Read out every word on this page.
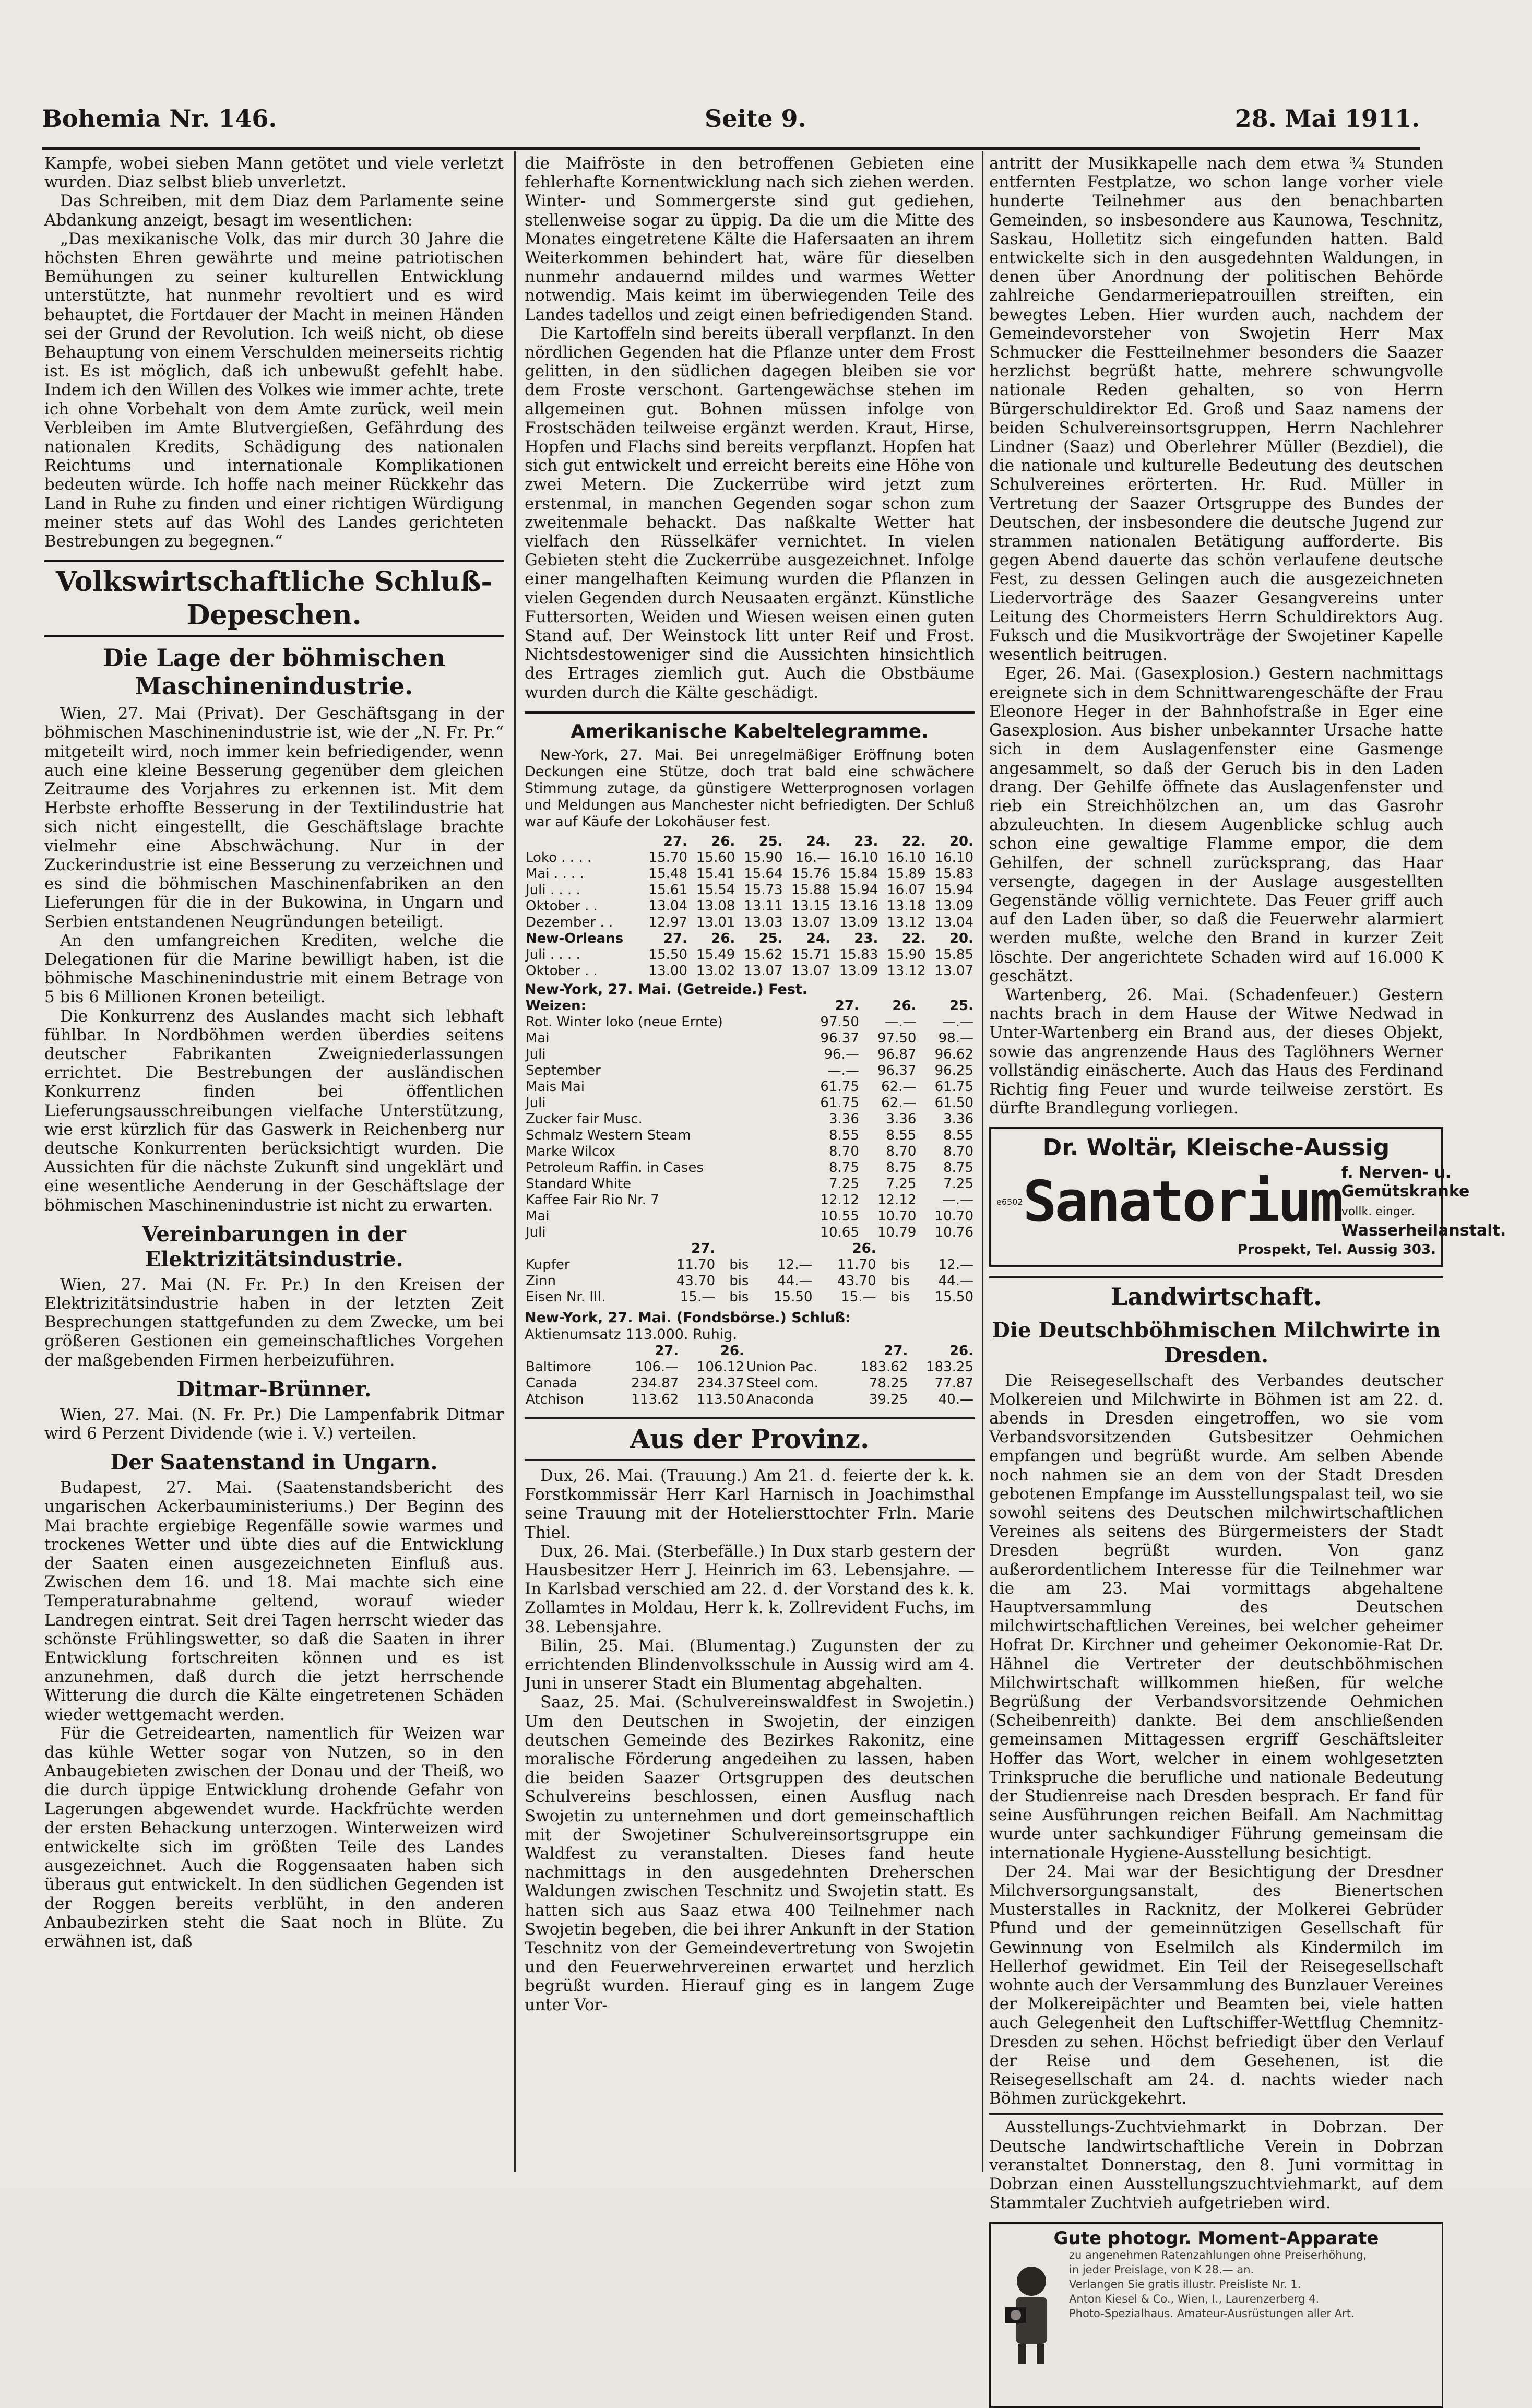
Bohemia Nr. 146.	Seite 9.	28. Mai 1911.

Kampfe, wobei sieben Mann getötet und viele verletzt wurden. Diaz selbst blieb unverletzt.

Das Schreiben, mit dem Diaz dem Parlamente seine Abdankung anzeigt, besagt im wesentlichen:

„Das mexikanische Volk, das mir durch 30 Jahre die höchsten Ehren gewährte und meine patriotischen Bemühungen zu seiner kulturellen Entwicklung unterstützte, hat nunmehr revoltiert und es wird behauptet, die Fortdauer der Macht in meinen Händen sei der Grund der Revolution. Ich weiß nicht, ob diese Behauptung von einem Verschulden meinerseits richtig ist. Es ist möglich, daß ich unbewußt gefehlt habe. Indem ich den Willen des Volkes wie immer achte, trete ich ohne Vorbehalt von dem Amte zurück, weil mein Verbleiben im Amte Blutvergießen, Gefährdung des nationalen Kredits, Schädigung des nationalen Reichtums und internationale Komplikationen bedeuten würde. Ich hoffe nach meiner Rückkehr das Land in Ruhe zu finden und einer richtigen Würdigung meiner stets auf das Wohl des Landes gerichteten Bestrebungen zu begegnen.“

Volkswirtschaftliche Schluß-Depeschen.
Die Lage der böhmischen Maschinenindustrie.

Wien, 27. Mai (Privat). Der Geschäftsgang in der böhmischen Maschinenindustrie ist, wie der „N. Fr. Pr.“ mitgeteilt wird, noch immer kein befriedigender, wenn auch eine kleine Besserung gegenüber dem gleichen Zeitraume des Vorjahres zu erkennen ist. Mit dem Herbste erhoffte Besserung in der Textilindustrie hat sich nicht eingestellt, die Geschäftslage brachte vielmehr eine Abschwächung. Nur in der Zuckerindustrie ist eine Besserung zu verzeichnen und es sind die böhmischen Maschinenfabriken an den Lieferungen für die in der Bukowina, in Ungarn und Serbien entstandenen Neugründungen beteiligt.

An den umfangreichen Krediten, welche die Delegationen für die Marine bewilligt haben, ist die böhmische Maschinenindustrie mit einem Betrage von 5 bis 6 Millionen Kronen beteiligt.

Die Konkurrenz des Auslandes macht sich lebhaft fühlbar. In Nordböhmen werden überdies seitens deutscher Fabrikanten Zweigniederlassungen errichtet. Die Bestrebungen der ausländischen Konkurrenz finden bei öffentlichen Lieferungsausschreibungen vielfache Unterstützung, wie erst kürzlich für das Gaswerk in Reichenberg nur deutsche Konkurrenten berücksichtigt wurden. Die Aussichten für die nächste Zukunft sind ungeklärt und eine wesentliche Aenderung in der Geschäftslage der böhmischen Maschinenindustrie ist nicht zu erwarten.

Vereinbarungen in der Elektrizitätsindustrie.

Wien, 27. Mai (N. Fr. Pr.) In den Kreisen der Elektrizitätsindustrie haben in der letzten Zeit Besprechungen stattgefunden zu dem Zwecke, um bei größeren Gestionen ein gemeinschaftliches Vorgehen der maßgebenden Firmen herbeizuführen.

Ditmar-Brünner.

Wien, 27. Mai. (N. Fr. Pr.) Die Lampenfabrik Ditmar wird 6 Perzent Dividende (wie i. V.) verteilen.

Der Saatenstand in Ungarn.

Budapest, 27. Mai. (Saatenstandsbericht des ungarischen Ackerbauministeriums.) Der Beginn des Mai brachte ergiebige Regenfälle sowie warmes und trockenes Wetter und übte dies auf die Entwicklung der Saaten einen ausgezeichneten Einfluß aus. Zwischen dem 16. und 18. Mai machte sich eine Temperaturabnahme geltend, worauf wieder Landregen eintrat. Seit drei Tagen herrscht wieder das schönste Frühlingswetter, so daß die Saaten in ihrer Entwicklung fortschreiten können und es ist anzunehmen, daß durch die jetzt herrschende Witterung die durch die Kälte eingetretenen Schäden wieder wettgemacht werden.

Für die Getreidearten, namentlich für Weizen war das kühle Wetter sogar von Nutzen, so in den Anbaugebieten zwischen der Donau und der Theiß, wo die durch üppige Entwicklung drohende Gefahr von Lagerungen abgewendet wurde. Hackfrüchte werden der ersten Behackung unterzogen. Winterweizen wird entwickelte sich im größten Teile des Landes ausgezeichnet. Auch die Roggensaaten haben sich überaus gut entwickelt. In den südlichen Gegenden ist der Roggen bereits verblüht, in den anderen Anbaubezirken steht die Saat noch in Blüte. Zu erwähnen ist, daß

die Maifröste in den betroffenen Gebieten eine fehlerhafte Kornentwicklung nach sich ziehen werden. Winter- und Sommergerste sind gut gediehen, stellenweise sogar zu üppig. Da die um die Mitte des Monates eingetretene Kälte die Hafersaaten an ihrem Weiterkommen behindert hat, wäre für dieselben nunmehr andauernd mildes und warmes Wetter notwendig. Mais keimt im überwiegenden Teile des Landes tadellos und zeigt einen befriedigenden Stand.

Die Kartoffeln sind bereits überall verpflanzt. In den nördlichen Gegenden hat die Pflanze unter dem Frost gelitten, in den südlichen dagegen bleiben sie vor dem Froste verschont. Gartengewächse stehen im allgemeinen gut. Bohnen müssen infolge von Frostschäden teilweise ergänzt werden. Kraut, Hirse, Hopfen und Flachs sind bereits verpflanzt. Hopfen hat sich gut entwickelt und erreicht bereits eine Höhe von zwei Metern. Die Zuckerrübe wird jetzt zum erstenmal, in manchen Gegenden sogar schon zum zweitenmale behackt. Das naßkalte Wetter hat vielfach den Rüsselkäfer vernichtet. In vielen Gebieten steht die Zuckerrübe ausgezeichnet. Infolge einer mangelhaften Keimung wurden die Pflanzen in vielen Gegenden durch Neusaaten ergänzt. Künstliche Futtersorten, Weiden und Wiesen weisen einen guten Stand auf. Der Weinstock litt unter Reif und Frost. Nichtsdestoweniger sind die Aussichten hinsichtlich des Ertrages ziemlich gut. Auch die Obstbäume wurden durch die Kälte geschädigt.

Amerikanische Kabeltelegramme.

New-York, 27. Mai. Bei unregelmäßiger Eröffnung boten Deckungen eine Stütze, doch trat bald eine schwächere Stimmung zutage, da günstigere Wetterprognosen vorlagen und Meldungen aus Manchester nicht befriedigten. Der Schluß war auf Käufe der Lokohäuser fest.

	27.	26.	25.	24.	23.	22.	20.
Loko . . . .	15.70	15.60	15.90	16.—	16.10	16.10	16.10
Mai . . . .	15.48	15.41	15.64	15.76	15.84	15.89	15.83
Juli . . . .	15.61	15.54	15.73	15.88	15.94	16.07	15.94
Oktober . .	13.04	13.08	13.11	13.15	13.16	13.18	13.09
Dezember . .	12.97	13.01	13.03	13.07	13.09	13.12	13.04
New-Orleans	27.	26.	25.	24.	23.	22.	20.
Juli . . . .	15.50	15.49	15.62	15.71	15.83	15.90	15.85
Oktober . .	13.00	13.02	13.07	13.07	13.09	13.12	13.07
New-York, 27. Mai. (Getreide.) Fest.
Weizen:	27.	26.	25.
Rot. Winter loko (neue Ernte)	97.50	—.—	—.—
Mai	96.37	97.50	98.—
Juli	96.—	96.87	96.62
September	—.—	96.37	96.25
Mais Mai	61.75	62.—	61.75
Juli	61.75	62.—	61.50
Zucker fair Musc.	3.36	3.36	3.36
Schmalz Western Steam	8.55	8.55	8.55
Marke Wilcox	8.70	8.70	8.70
Petroleum Raffin. in Cases	8.75	8.75	8.75
Standard White	7.25	7.25	7.25
Kaffee Fair Rio Nr. 7	12.12	12.12	—.—
Mai	10.55	10.70	10.70
Juli	10.65	10.79	10.76
	27.			26.		
Kupfer	11.70	bis	12.—	11.70	bis	12.—
Zinn	43.70	bis	44.—	43.70	bis	44.—
Eisen Nr. III.	15.—	bis	15.50	15.—	bis	15.50
New-York, 27. Mai. (Fondsbörse.) Schluß:
Aktienumsatz 113.000. Ruhig.
	27.	26.		27.	26.
Baltimore	106.—	106.12	Union Pac.	183.62	183.25
Canada	234.87	234.37	Steel com.	78.25	77.87
Atchison	113.62	113.50	Anaconda	39.25	40.—
Aus der Provinz.

Dux, 26. Mai. (Trauung.) Am 21. d. feierte der k. k. Forstkommissär Herr Karl Harnisch in Joachimsthal seine Trauung mit der Hoteliersttochter Frln. Marie Thiel.

Dux, 26. Mai. (Sterbefälle.) In Dux starb gestern der Hausbesitzer Herr J. Heinrich im 63. Lebensjahre. — In Karlsbad verschied am 22. d. der Vorstand des k. k. Zollamtes in Moldau, Herr k. k. Zollrevident Fuchs, im 38. Lebensjahre.

Bilin, 25. Mai. (Blumentag.) Zugunsten der zu errichtenden Blindenvolksschule in Aussig wird am 4. Juni in unserer Stadt ein Blumentag abgehalten.

Saaz, 25. Mai. (Schulvereinswaldfest in Swojetin.) Um den Deutschen in Swojetin, der einzigen deutschen Gemeinde des Bezirkes Rakonitz, eine moralische Förderung angedeihen zu lassen, haben die beiden Saazer Ortsgruppen des deutschen Schulvereins beschlossen, einen Ausflug nach Swojetin zu unternehmen und dort gemeinschaftlich mit der Swojetiner Schulvereinsortsgruppe ein Waldfest zu veranstalten. Dieses fand heute nachmittags in den ausgedehnten Dreherschen Waldungen zwischen Teschnitz und Swojetin statt. Es hatten sich aus Saaz etwa 400 Teilnehmer nach Swojetin begeben, die bei ihrer Ankunft in der Station Teschnitz von der Gemeindevertretung von Swojetin und den Feuerwehrvereinen erwartet und herzlich begrüßt wurden. Hierauf ging es in langem Zuge unter Vor-

antritt der Musikkapelle nach dem etwa ¾ Stunden entfernten Festplatze, wo schon lange vorher viele hunderte Teilnehmer aus den benachbarten Gemeinden, so insbesondere aus Kaunowa, Teschnitz, Saskau, Holletitz sich eingefunden hatten. Bald entwickelte sich in den ausgedehnten Waldungen, in denen über Anordnung der politischen Behörde zahlreiche Gendarmeriepatrouillen streiften, ein bewegtes Leben. Hier wurden auch, nachdem der Gemeindevorsteher von Swojetin Herr Max Schmucker die Festteilnehmer besonders die Saazer herzlichst begrüßt hatte, mehrere schwungvolle nationale Reden gehalten, so von Herrn Bürgerschuldirektor Ed. Groß und Saaz namens der beiden Schulvereinsortsgruppen, Herrn Nachlehrer Lindner (Saaz) und Oberlehrer Müller (Bezdiel), die die nationale und kulturelle Bedeutung des deutschen Schulvereines erörterten. Hr. Rud. Müller in Vertretung der Saazer Ortsgruppe des Bundes der Deutschen, der insbesondere die deutsche Jugend zur strammen nationalen Betätigung aufforderte. Bis gegen Abend dauerte das schön verlaufene deutsche Fest, zu dessen Gelingen auch die ausgezeichneten Liedervorträge des Saazer Gesangvereins unter Leitung des Chormeisters Herrn Schuldirektors Aug. Fuksch und die Musikvorträge der Swojetiner Kapelle wesentlich beitrugen.

Eger, 26. Mai. (Gasexplosion.) Gestern nachmittags ereignete sich in dem Schnittwarengeschäfte der Frau Eleonore Heger in der Bahnhofstraße in Eger eine Gasexplosion. Aus bisher unbekannter Ursache hatte sich in dem Auslagenfenster eine Gasmenge angesammelt, so daß der Geruch bis in den Laden drang. Der Gehilfe öffnete das Auslagenfenster und rieb ein Streichhölzchen an, um das Gasrohr abzuleuchten. In diesem Augenblicke schlug auch schon eine gewaltige Flamme empor, die dem Gehilfen, der schnell zurücksprang, das Haar versengte, dagegen in der Auslage ausgestellten Gegenstände völlig vernichtete. Das Feuer griff auch auf den Laden über, so daß die Feuerwehr alarmiert werden mußte, welche den Brand in kurzer Zeit löschte. Der angerichtete Schaden wird auf 16.000 K geschätzt.

Wartenberg, 26. Mai. (Schadenfeuer.) Gestern nachts brach in dem Hause der Witwe Nedwad in Unter-Wartenberg ein Brand aus, der dieses Objekt, sowie das angrenzende Haus des Taglöhners Werner vollständig einäscherte. Auch das Haus des Ferdinand Richtig fing Feuer und wurde teilweise zerstört. Es dürfte Brandlegung vorliegen.

Dr. Woltär, Kleische-Aussig
e6502 Sanatorium f. Nerven- u. Gemütskranke
vollk. einger. Wasserheilanstalt.
Prospekt, Tel. Aussig 303.
Landwirtschaft.
Die Deutschböhmischen Milchwirte in Dresden.

Die Reisegesellschaft des Verbandes deutscher Molkereien und Milchwirte in Böhmen ist am 22. d. abends in Dresden eingetroffen, wo sie vom Verbandsvorsitzenden Gutsbesitzer Oehmichen empfangen und begrüßt wurde. Am selben Abende noch nahmen sie an dem von der Stadt Dresden gebotenen Empfange im Ausstellungspalast teil, wo sie sowohl seitens des Deutschen milchwirtschaftlichen Vereines als seitens des Bürgermeisters der Stadt Dresden begrüßt wurden. Von ganz außerordentlichem Interesse für die Teilnehmer war die am 23. Mai vormittags abgehaltene Hauptversammlung des Deutschen milchwirtschaftlichen Vereines, bei welcher geheimer Hofrat Dr. Kirchner und geheimer Oekonomie-Rat Dr. Hähnel die Vertreter der deutschböhmischen Milchwirtschaft willkommen hießen, für welche Begrüßung der Verbandsvorsitzende Oehmichen (Scheibenreith) dankte. Bei dem anschließenden gemeinsamen Mittagessen ergriff Geschäftsleiter Hoffer das Wort, welcher in einem wohlgesetzten Trinkspruche die berufliche und nationale Bedeutung der Studienreise nach Dresden besprach. Er fand für seine Ausführungen reichen Beifall. Am Nachmittag wurde unter sachkundiger Führung gemeinsam die internationale Hygiene-Ausstellung besichtigt.

Der 24. Mai war der Besichtigung der Dresdner Milchversorgungsanstalt, des Bienertschen Musterstalles in Racknitz, der Molkerei Gebrüder Pfund und der gemeinnützigen Gesellschaft für Gewinnung von Eselmilch als Kindermilch im Hellerhof gewidmet. Ein Teil der Reisegesellschaft wohnte auch der Versammlung des Bunzlauer Vereines der Molkereipächter und Beamten bei, viele hatten auch Gelegenheit den Luftschiffer-Wettflug Chemnitz-Dresden zu sehen. Höchst befriedigt über den Verlauf der Reise und dem Gesehenen, ist die Reisegesellschaft am 24. d. nachts wieder nach Böhmen zurückgekehrt.

Ausstellungs-Zuchtviehmarkt in Dobrzan. Der Deutsche landwirtschaftliche Verein in Dobrzan veranstaltet Donnerstag, den 8. Juni vormittag in Dobrzan einen Ausstellungszuchtviehmarkt, auf dem Stammtaler Zuchtvieh aufgetrieben wird.

Gute photogr. Moment-Apparate
zu angenehmen Ratenzahlungen ohne Preiserhöhung,
in jeder Preislage, von K 28.— an.
Verlangen Sie gratis illustr. Preisliste Nr. 1.
Anton Kiesel & Co., Wien, I., Laurenzerberg 4.
Photo-Spezialhaus. Amateur-Ausrüstungen aller Art.
